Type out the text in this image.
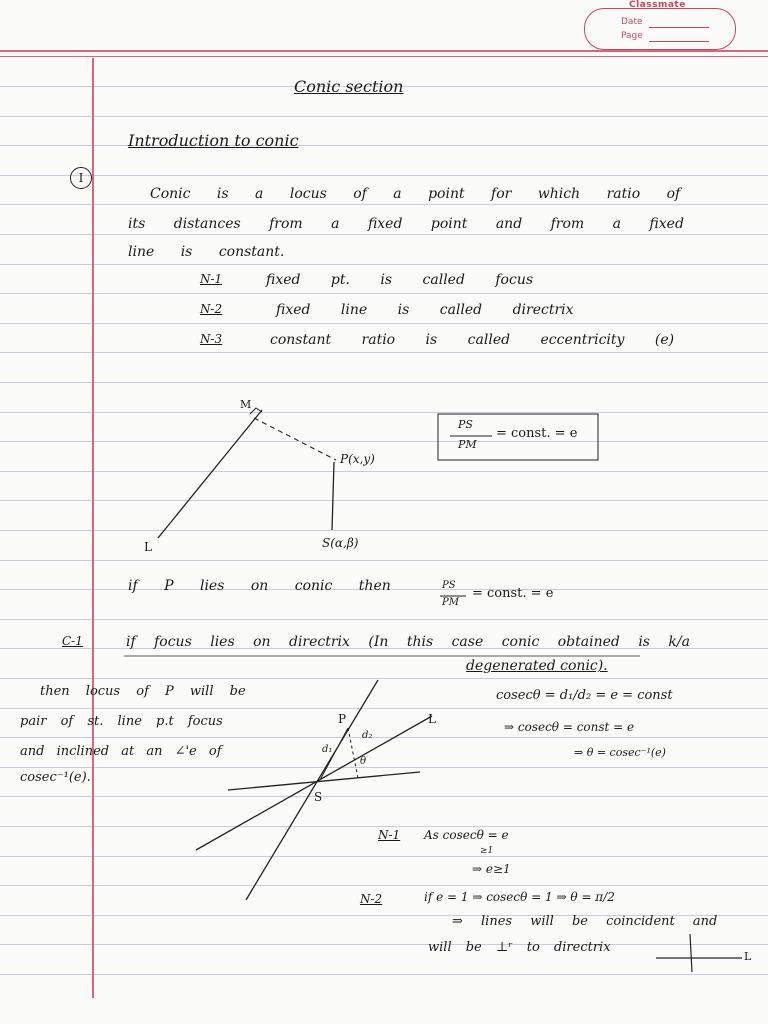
Classmate
Date
Page
Conic section
Introduction to conic
I
Conic is a locus of a point for which ratio of
its distances from a fixed point and from a fixed
line is constant.
N-1	fixed pt. is called focus
N-2	fixed line is called directrix
N-3	constant ratio is called eccentricity (e)
M
P(x,y)
S(α,β)
L
PS
PM
= const. = e
if P lies on conic then	PS
PM
= const. = e
C-1	if focus lies on directrix (In this case conic obtained is k/a
degenerated conic).
then locus of P will be
pair of st. line p.t focus
and inclined at an ∠'e of
cosec⁻¹(e).
cosecθ = d₁/d₂ = e = const
⇒ cosecθ = const = e
⇒ θ = cosec⁻¹(e)
P	L
S
d₁
d₂
θ
N-1 As cosecθ = e
≥1
⇒ e≥1
N-2	if e = 1 ⇒ cosecθ = 1 ⇒ θ = π/2
⇒ lines will be coincident and
will be ⊥ʳ to directrix
L
